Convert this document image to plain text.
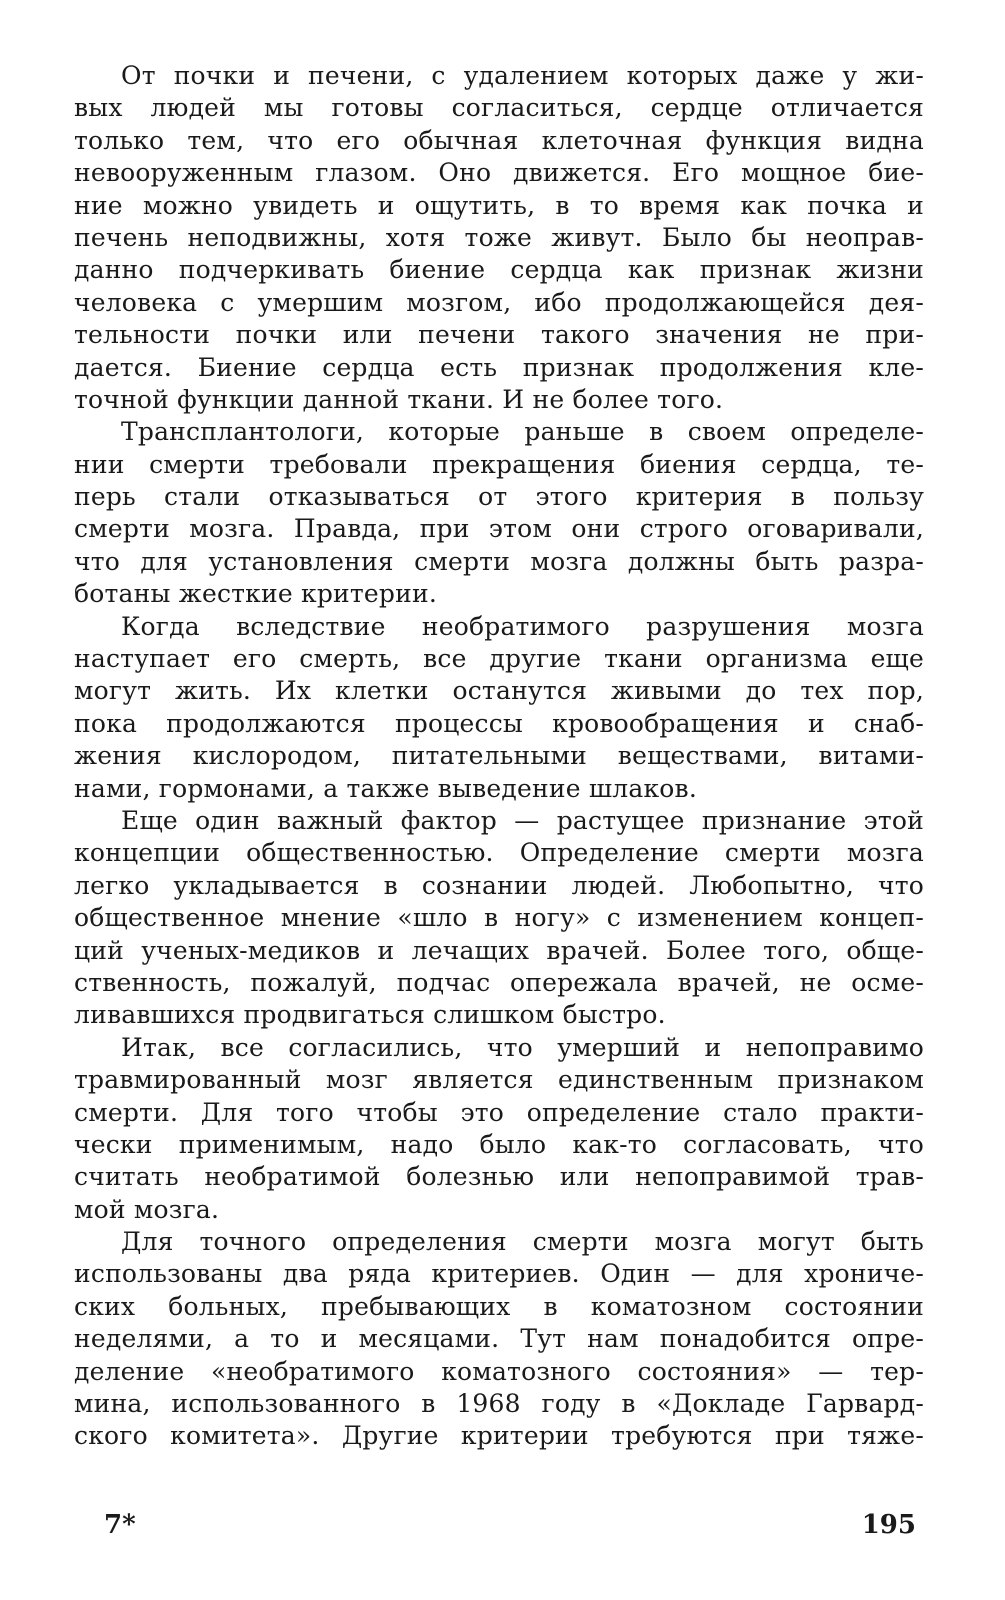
От почки и печени, с удалением которых даже у жи-
вых людей мы готовы согласиться, сердце отличается
только тем, что его обычная клеточная функция видна
невооруженным глазом. Оно движется. Его мощное бие-
ние можно увидеть и ощутить, в то время как почка и
печень неподвижны, хотя тоже живут. Было бы неоправ-
данно подчеркивать биение сердца как признак жизни
человека с умершим мозгом, ибо продолжающейся дея-
тельности почки или печени такого значения не при-
дается. Биение сердца есть признак продолжения кле-
точной функции данной ткани. И не более того.
Трансплантологи, которые раньше в своем определе-
нии смерти требовали прекращения биения сердца, те-
перь стали отказываться от этого критерия в пользу
смерти мозга. Правда, при этом они строго оговаривали,
что для установления смерти мозга должны быть разра-
ботаны жесткие критерии.
Когда вследствие необратимого разрушения мозга
наступает его смерть, все другие ткани организма еще
могут жить. Их клетки останутся живыми до тех пор,
пока продолжаются процессы кровообращения и снаб-
жения кислородом, питательными веществами, витами-
нами, гормонами, а также выведение шлаков.
Еще один важный фактор — растущее признание этой
концепции общественностью. Определение смерти мозга
легко укладывается в сознании людей. Любопытно, что
общественное мнение «шло в ногу» с изменением концеп-
ций ученых-медиков и лечащих врачей. Более того, обще-
ственность, пожалуй, подчас опережала врачей, не осме-
ливавшихся продвигаться слишком быстро.
Итак, все согласились, что умерший и непоправимо
травмированный мозг является единственным признаком
смерти. Для того чтобы это определение стало практи-
чески применимым, надо было как-то согласовать, что
считать необратимой болезнью или непоправимой трав-
мой мозга.
Для точного определения смерти мозга могут быть
использованы два ряда критериев. Один — для хрониче-
ских больных, пребывающих в коматозном состоянии
неделями, а то и месяцами. Тут нам понадобится опре-
деление «необратимого коматозного состояния» — тер-
мина, использованного в 1968 году в «Докладе Гарвард-
ского комитета». Другие критерии требуются при тяже-
7*	195
